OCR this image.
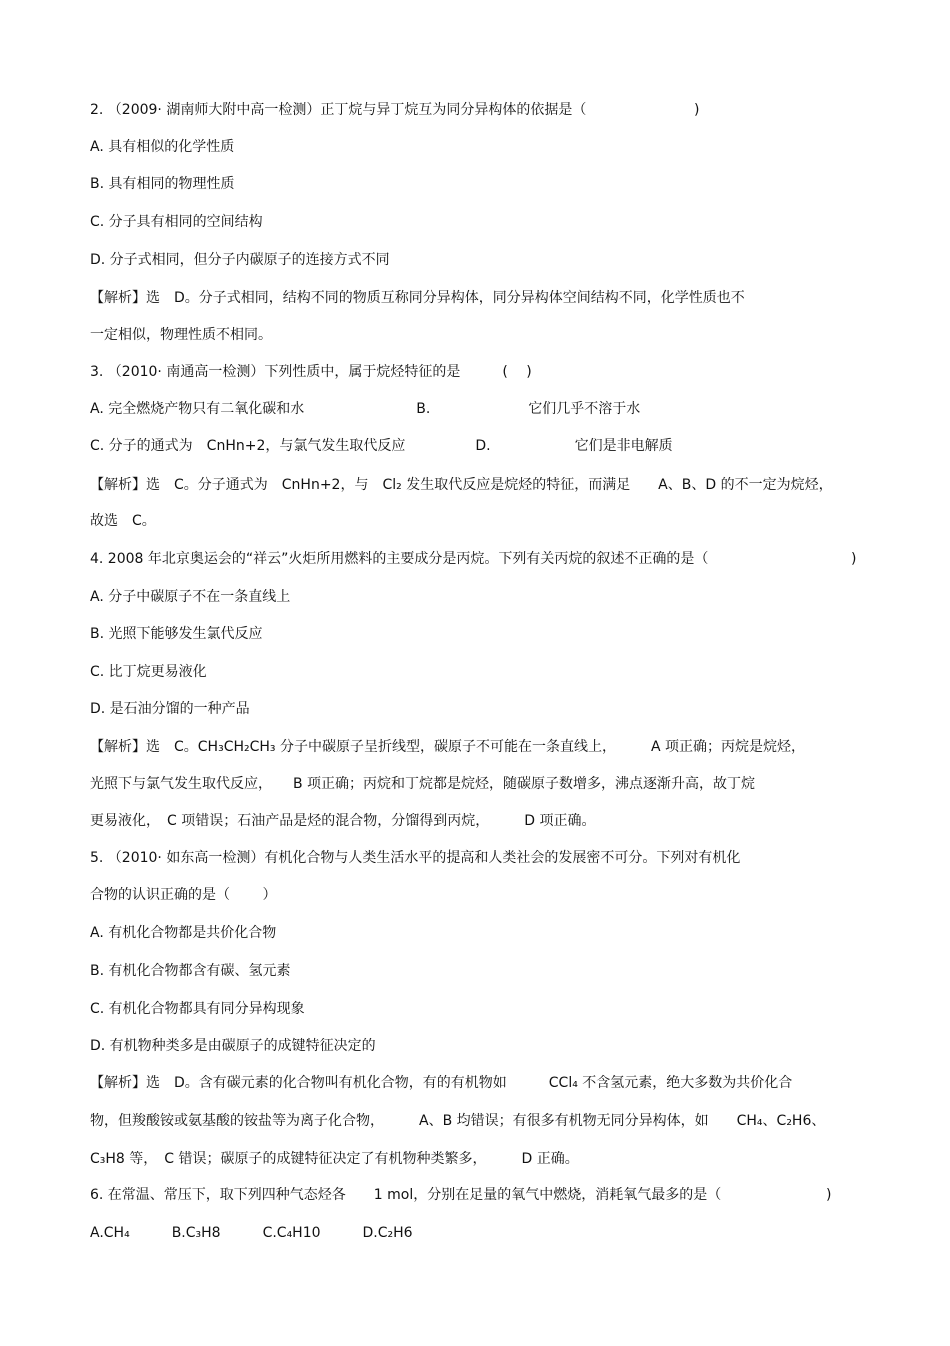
2. （2009· 湖南师大附中高一检测）正丁烷与异丁烷互为同分异构体的依据是（	)
A. 具有相似的化学性质
B. 具有相同的物理性质
C. 分子具有相同的空间结构
D. 分子式相同，但分子内碳原子的连接方式不同
【解析】选　D。分子式相同，结构不同的物质互称同分异构体，同分异构体空间结构不同，化学性质也不
一定相似，物理性质不相同。
3. （2010· 南通高一检测）下列性质中，属于烷烃特征的是　　　(　 )
A. 完全燃烧产物只有二氧化碳和水　　　　　　　　B.　　　　　　　它们几乎不溶于水
C. 分子的通式为　CnHn+2，与氯气发生取代反应　　　　　D.　　　　　　它们是非电解质
【解析】选　C。分子通式为　CnHn+2，与　Cl₂ 发生取代反应是烷烃的特征，而满足　　A、B、D 的不一定为烷烃，
故选　C。
4. 2008 年北京奥运会的“祥云”火炬所用燃料的主要成分是丙烷。下列有关丙烷的叙述不正确的是（	)
A. 分子中碳原子不在一条直线上
B. 光照下能够发生氯代反应
C. 比丁烷更易液化
D. 是石油分馏的一种产品
【解析】选　C。CH₃CH₂CH₃ 分子中碳原子呈折线型，碳原子不可能在一条直线上，　　　A 项正确；丙烷是烷烃，
光照下与氯气发生取代反应，　　B 项正确；丙烷和丁烷都是烷烃，随碳原子数增多，沸点逐渐升高，故丁烷
更易液化，　C 项错误；石油产品是烃的混合物，分馏得到丙烷，　　　D 项正确。
5. （2010· 如东高一检测）有机化合物与人类生活水平的提高和人类社会的发展密不可分。下列对有机化
合物的认识正确的是（　　 ）
A. 有机化合物都是共价化合物
B. 有机化合物都含有碳、氢元素
C. 有机化合物都具有同分异构现象
D. 有机物种类多是由碳原子的成键特征决定的
【解析】选　D。含有碳元素的化合物叫有机化合物，有的有机物如　　　CCl₄ 不含氢元素，绝大多数为共价化合
物，但羧酸铵或氨基酸的铵盐等为离子化合物，　　　A、B 均错误；有很多有机物无同分异构体，如　　CH₄、C₂H6、
C₃H8 等，　C 错误；碳原子的成键特征决定了有机物种类繁多，　　　D 正确。
6. 在常温、常压下，取下列四种气态烃各　　1 mol，分别在足量的氧气中燃烧，消耗氧气最多的是（	)
A.CH₄　　　B.C₃H8　　　C.C₄H10　　　D.C₂H6
